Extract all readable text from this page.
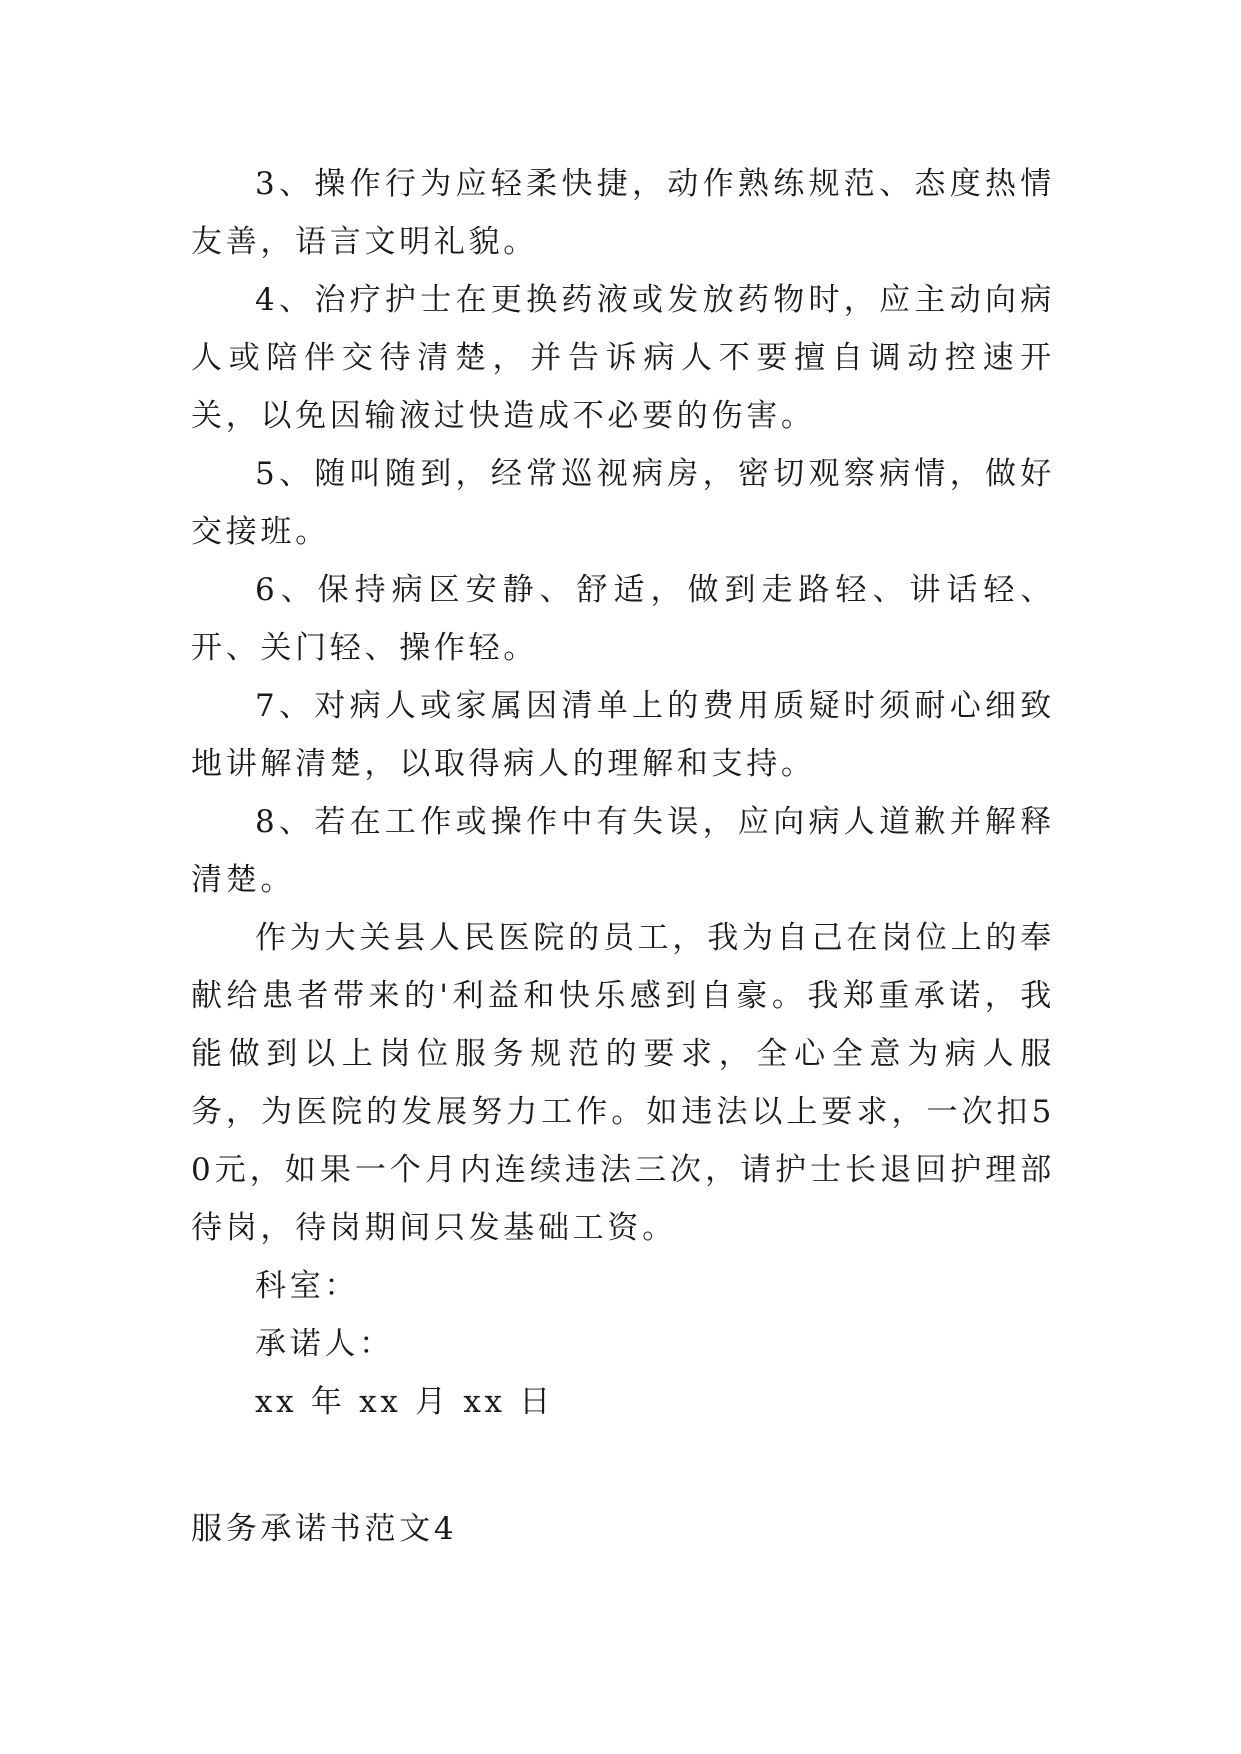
3、操作行为应轻柔快捷，动作熟练规范、态度热情友善，语言文明礼貌。

4、治疗护士在更换药液或发放药物时，应主动向病人或陪伴交待清楚，并告诉病人不要擅自调动控速开关，以免因输液过快造成不必要的伤害。

5、随叫随到，经常巡视病房，密切观察病情，做好交接班。

6、保持病区安静、舒适，做到走路轻、讲话轻、开、关门轻、操作轻。

7、对病人或家属因清单上的费用质疑时须耐心细致地讲解清楚，以取得病人的理解和支持。

8、若在工作或操作中有失误，应向病人道歉并解释清楚。

作为大关县人民医院的员工，我为自己在岗位上的奉献给患者带来的'利益和快乐感到自豪。我郑重承诺，我能做到以上岗位服务规范的要求，全心全意为病人服务，为医院的发展努力工作。如违法以上要求，一次扣50元，如果一个月内连续违法三次，请护士长退回护理部待岗，待岗期间只发基础工资。

科室：

承诺人：

xx 年 xx 月 xx 日

服务承诺书范文4
